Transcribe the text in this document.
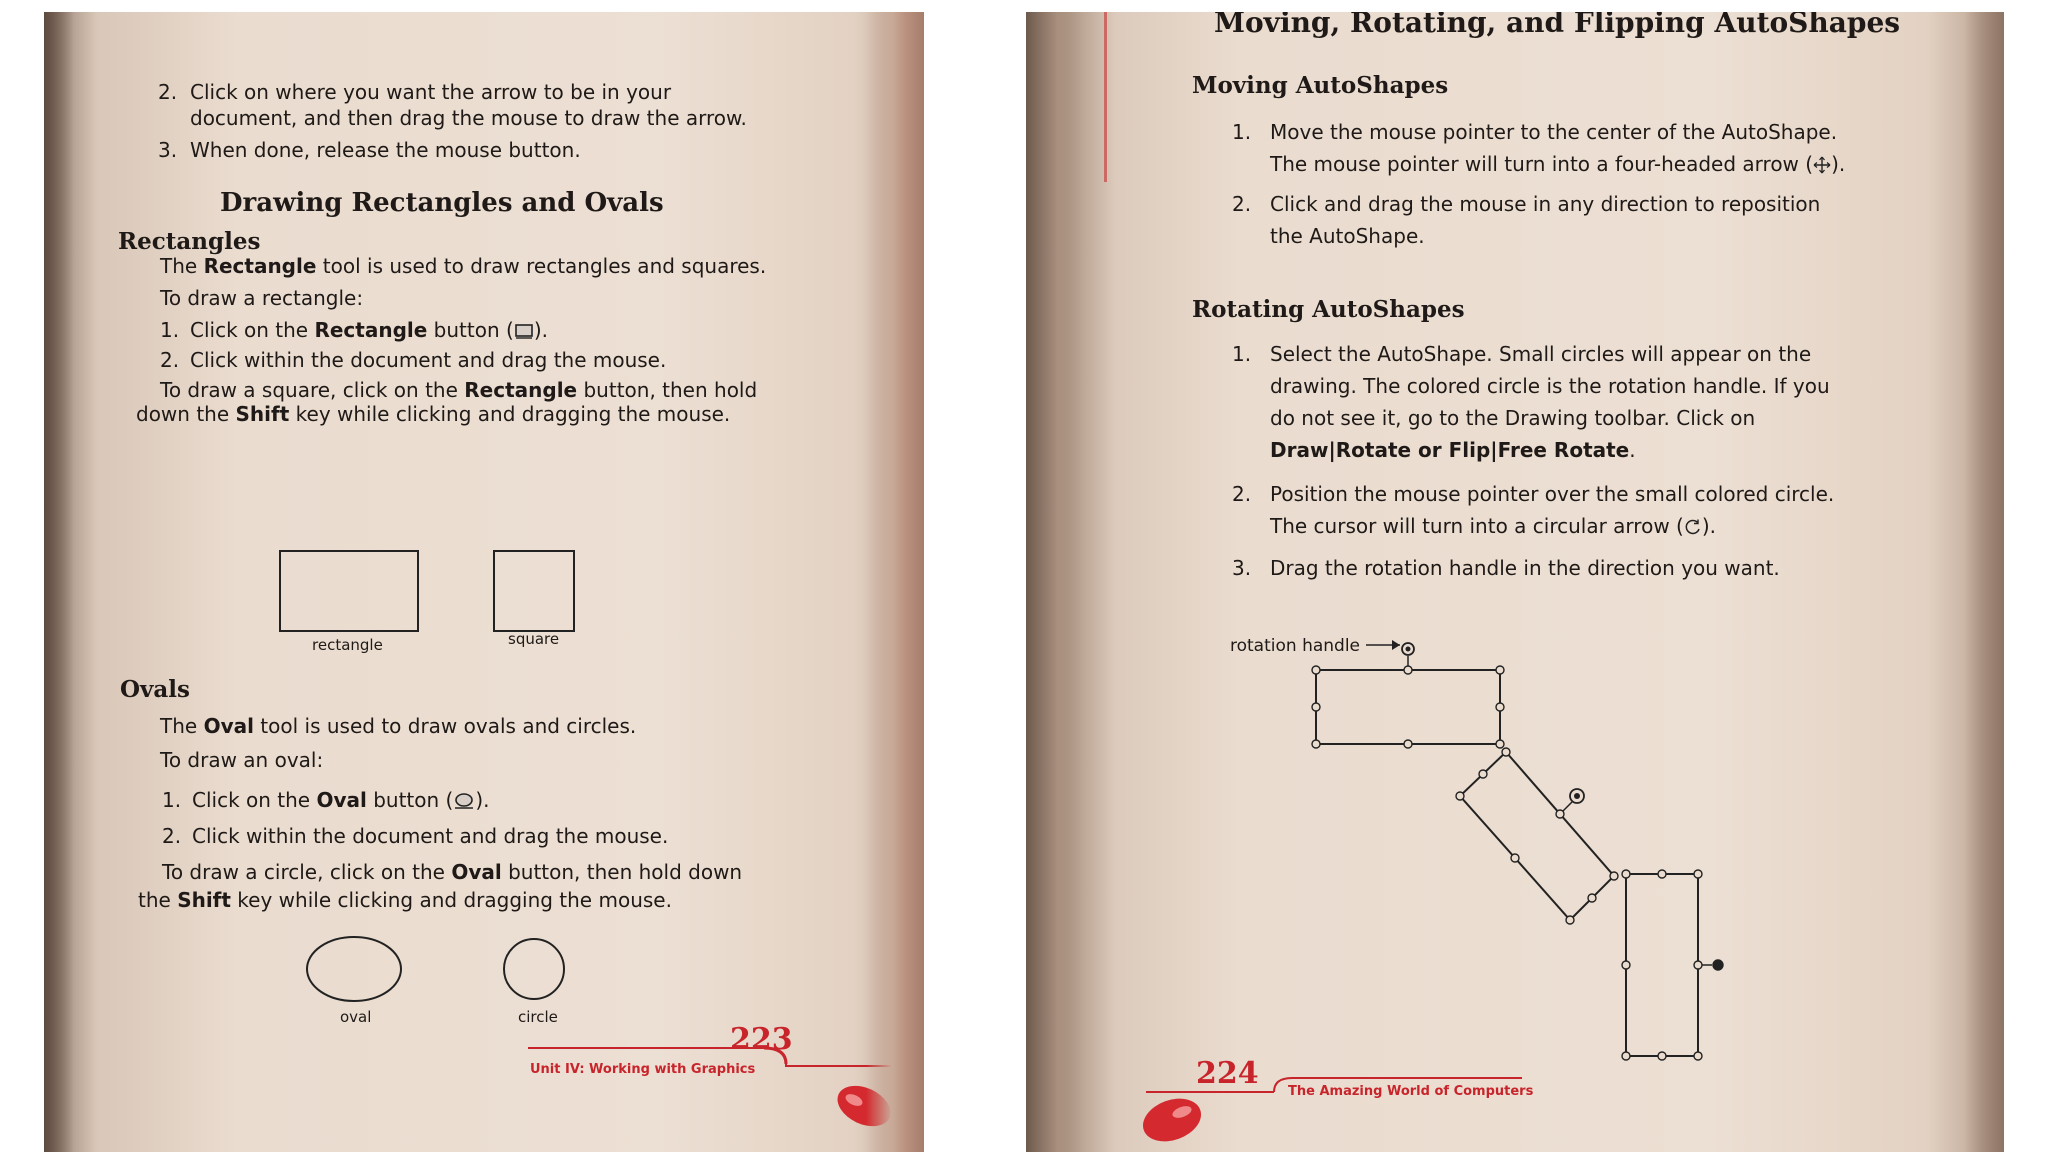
2. Click on where you want the arrow to be in your

document, and then drag the mouse to draw the arrow.

3. When done, release the mouse button.

Drawing Rectangles and Ovals
Rectangles

The Rectangle tool is used to draw rectangles and squares.

To draw a rectangle:

1. Click on the Rectangle button ( ).

2. Click within the document and drag the mouse.

To draw a square, click on the Rectangle button, then hold

down the Shift key while clicking and dragging the mouse.

rectangle	square
Ovals

The Oval tool is used to draw ovals and circles.

To draw an oval:

1. Click on the Oval button ( ).

2. Click within the document and drag the mouse.

To draw a circle, click on the Oval button, then hold down

the Shift key while clicking and dragging the mouse.

oval	circle
223
Unit IV: Working with Graphics
Moving, Rotating, and Flipping AutoShapes
Moving AutoShapes
1. Move the mouse pointer to the center of the AutoShape.

The mouse pointer will turn into a four-headed arrow ( ).

2. Click and drag the mouse in any direction to reposition

the AutoShape.

Rotating AutoShapes
1. Select the AutoShape. Small circles will appear on the

drawing. The colored circle is the rotation handle. If you

do not see it, go to the Drawing toolbar. Click on

Draw|Rotate or Flip|Free Rotate.

2. Position the mouse pointer over the small colored circle.

The cursor will turn into a circular arrow ( ).

3. Drag the rotation handle in the direction you want.

rotation handle
224
The Amazing World of Computers
